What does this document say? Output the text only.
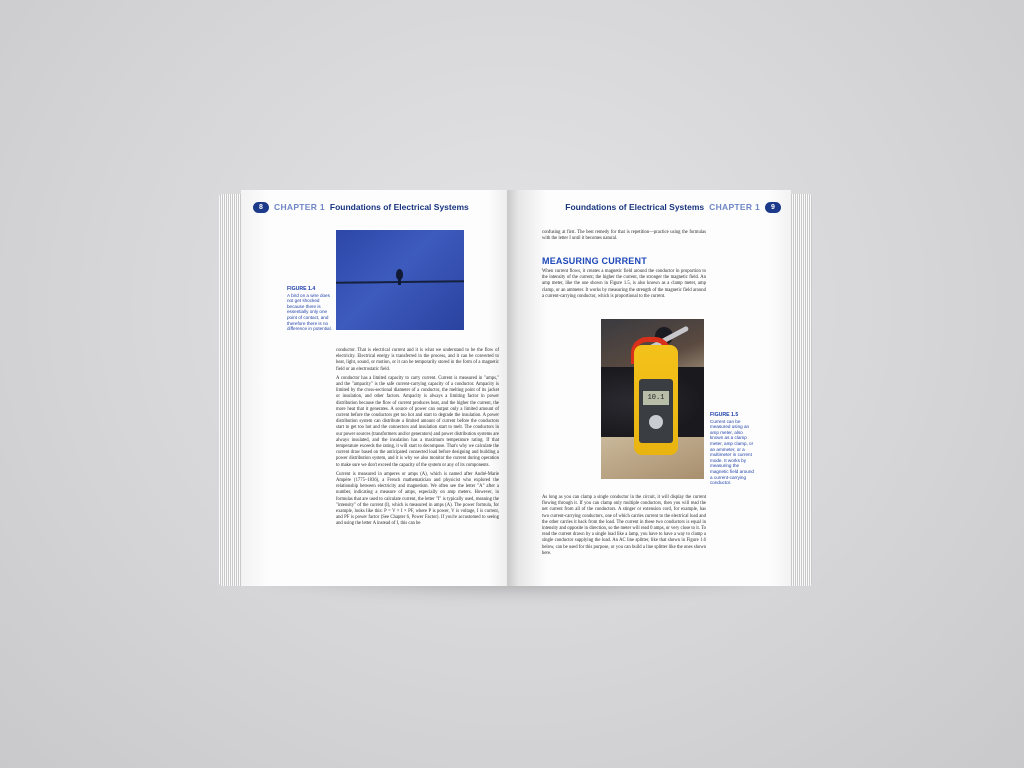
8 CHAPTER 1 Foundations of Electrical Systems
FIGURE 1.4
A bird on a wire does not get shocked because there is essentially only one point of contact, and therefore there is no difference in potential.

conductor. That is electrical current and it is what we understand to be the flow of electricity. Electrical energy is transferred in the process, and it can be converted to heat, light, sound, or motion, or it can be temporarily stored in the form of a magnetic field or an electrostatic field.

A conductor has a limited capacity to carry current. Current is measured in "amps," and the "ampacity" is the safe current-carrying capacity of a conductor. Ampacity is limited by the cross-sectional diameter of a conductor, the melting point of its jacket or insulation, and other factors. Ampacity is always a limiting factor in power distribution because the flow of current produces heat, and the higher the current, the more heat that it generates. A source of power can output only a limited amount of current before the conductors get too hot and start to degrade the insulation. A power distribution system can distribute a limited amount of current before the conductors start to get too hot and the connectors and insulation start to melt. The conductors in our power sources (transformers and/or generators) and power distribution systems are always insulated, and the insulation has a maximum temperature rating. If that temperature exceeds the rating, it will start to decompose. That's why we calculate the current draw based on the anticipated connected load before designing and building a power distribution system, and it is why we also monitor the current during operation to make sure we don't exceed the capacity of the system or any of its components.

Current is measured in amperes or amps (A), which is named after André-Marie Ampère (1775–1836), a French mathematician and physicist who explored the relationship between electricity and magnetism. We often see the letter "A" after a number, indicating a measure of amps, especially on amp meters. However, in formulas that are used to calculate current, the letter "I" is typically used, meaning the "intensity" of the current (I), which is measured in amps (A). The power formula, for example, looks like this: P = V × I × PF, where P is power, V is voltage, I is current, and PF is power factor (See Chapter 6, Power Factor). If you're accustomed to seeing and using the letter A instead of I, this can be

Foundations of Electrical Systems CHAPTER 1 9

confusing at first. The best remedy for that is repetition—practice using the formulas with the letter I until it becomes natural.

MEASURING CURRENT

When current flows, it creates a magnetic field around the conductor in proportion to the intensity of the current; the higher the current, the stronger the magnetic field. An amp meter, like the one shown in Figure 1.5, is also known as a clamp meter, amp clamp, or an ammeter. It works by measuring the strength of the magnetic field around a current-carrying conductor, which is proportional to the current.

10.1
FIGURE 1.5
Current can be measured using an amp meter, also known as a clamp meter, amp clamp, or an ammeter, or a multimeter in current mode. It works by measuring the magnetic field around a current-carrying conductor.

As long as you can clamp a single conductor in the circuit, it will display the current flowing through it. If you can clamp only multiple conductors, then you will read the net current from all of the conductors. A stinger or extension cord, for example, has two current-carrying conductors, one of which carries current to the electrical load and the other carries it back from the load. The current in these two conductors is equal in intensity and opposite in direction, so the meter will read 0 amps, or very close to it. To read the current drawn by a single load like a lamp, you have to have a way to clamp a single conductor supplying the load. An AC line splitter, like that shown in Figure 1.6 below, can be used for this purpose, or you can build a line splitter like the ones shown here.
